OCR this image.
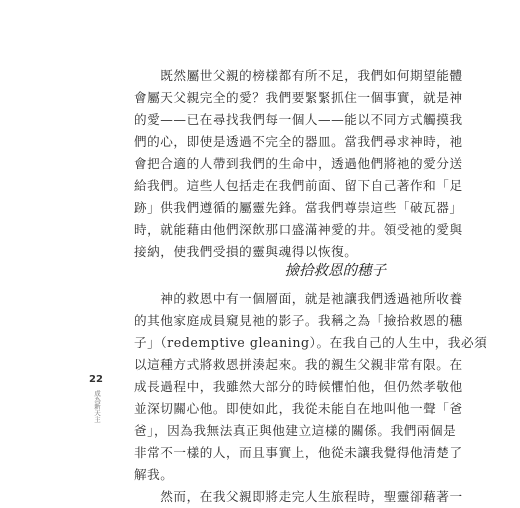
　　既然屬世父親的榜樣都有所不足，我們如何期望能體
會屬天父親完全的愛？我們要緊緊抓住一個事實，就是神
的愛——已在尋找我們每一個人——能以不同方式觸摸我
們的心，即使是透過不完全的器皿。當我們尋求神時，祂
會把合適的人帶到我們的生命中，透過他們將祂的愛分送
給我們。這些人包括走在我們前面、留下自己著作和「足
跡」供我們遵循的屬靈先鋒。當我們尊崇這些「破瓦器」
時，就能藉由他們深飲那口盛滿神愛的井。領受祂的愛與
接納，使我們受損的靈與魂得以恢復。
撿拾救恩的穗子
　　神的救恩中有一個層面，就是祂讓我們透過祂所收養
的其他家庭成員窺見祂的影子。我稱之為「撿拾救恩的穗
子」（redemptive gleaning）。在我自己的人生中，我必須
以這種方式將救恩拼湊起來。我的親生父親非常有限。在
成長過程中，我雖然大部分的時候懼怕他，但仍然孝敬他
並深切關心他。即使如此，我從未能自在地叫他一聲「爸
爸」，因為我無法真正與他建立這樣的關係。我們兩個是
非常不一樣的人，而且事實上，他從未讓我覺得他清楚了
解我。
　　然而，在我父親即將走完人生旅程時，聖靈卻藉著一
22
成為新天主
